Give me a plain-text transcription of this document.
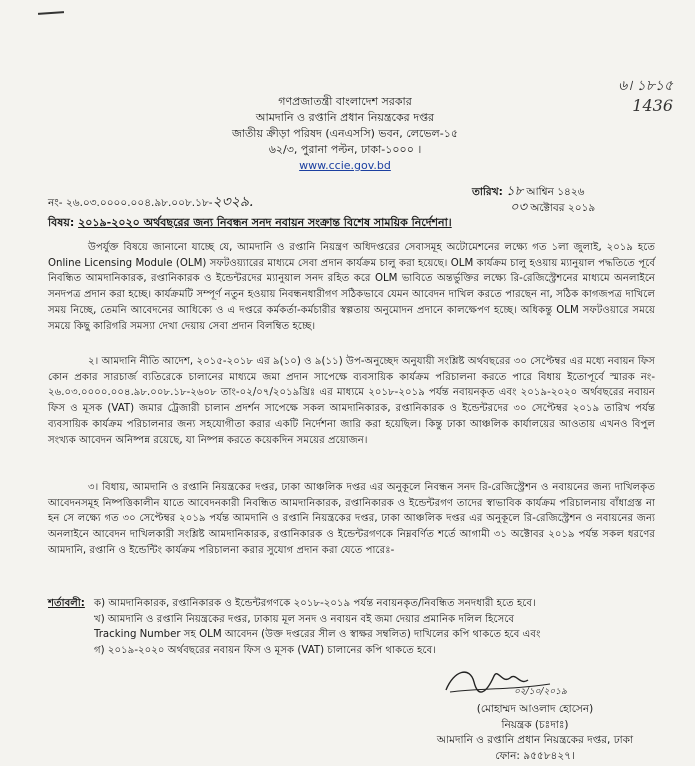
গণপ্রজাতন্ত্রী বাংলাদেশ সরকার
আমদানি ও রপ্তানি প্রধান নিয়ন্ত্রকের দপ্তর
জাতীয় ক্রীড়া পরিষদ (এনএসসি) ভবন, লেভেল-১৫
৬২/৩, পুরানা পল্টন, ঢাকা-১০০০ ।
www.ccie.gov.bd
৬। ১৮১৫
1436
নং- ২৬.০৩.০০০০.০০৪.৯৮.০০৮.১৮-২৩২৯.
তারিখ: ১৮ আশ্বিন ১৪২৬
০৩ অক্টোবর ২০১৯
বিষয়: ২০১৯-২০২০ অর্থবছরের জন্য নিবন্ধন সনদ নবায়ন সংক্রান্ত বিশেষ সাময়িক নির্দেশনা।
উপর্যুক্ত বিষয়ে জানানো যাচ্ছে যে, আমদানি ও রপ্তানি নিয়ন্ত্রণ অধিদপ্তরের সেবাসমূহ অটোমেশনের লক্ষ্যে গত ১লা জুলাই, ২০১৯ হতে Online Licensing Module (OLM) সফটওয়্যারের মাধ্যমে সেবা প্রদান কার্যক্রম চালু করা হয়েছে। OLM কার্যক্রম চালু হওয়ায় ম্যানুয়াল পদ্ধতিতে পূর্বে নিবন্ধিত আমদানিকারক, রপ্তানিকারক ও ইন্ডেন্টরদের ম্যানুয়াল সনদ রহিত করে OLM ভাবিতে অন্তর্ভুক্তির লক্ষ্যে রি-রেজিস্ট্রেশনের মাধ্যমে অনলাইনে সনদপত্র প্রদান করা হচ্ছে। কার্যক্রমটি সম্পূর্ণ নতুন হওয়ায় নিবন্ধনধারীগণ সঠিকভাবে যেমন আবেদন দাখিল করতে পারছেন না, সঠিক কাগজপত্র দাখিলে সময় নিচ্ছে, তেমনি আবেদনের আধিক্যে ও এ দপ্তরে কর্মকর্তা-কর্মচারীর স্বল্পতায় অনুমোদন প্রদানে কালক্ষেপণ হচ্ছে। অধিকন্তু OLM সফটওয়ারে সময়ে সময়ে কিছু কারিগরি সমস্যা দেখা দেয়ায় সেবা প্রদান বিলম্বিত হচ্ছে।
২। আমদানি নীতি আদেশ, ২০১৫-২০১৮ এর ৯(১০) ও ৯(১১) উপ-অনুচ্ছেদ অনুযায়ী সংশ্লিষ্ট অর্থবছরের ৩০ সেপ্টেম্বর এর মধ্যে নবায়ন ফিস কোন প্রকার সারচার্জ ব্যতিরেকে চালানের মাধ্যমে জমা প্রদান সাপেক্ষে ব্যবসায়িক কার্যক্রম পরিচালনা করতে পারে বিধায় ইতোপূর্বে স্মারক নং- ২৬.০৩.০০০০.০০৪.৯৮.০০৮.১৮-২৬০৮ তাং-০২/০৭/২০১৯খ্রিঃ এর মাধ্যমে ২০১৮-২০১৯ পর্যন্ত নবায়নকৃত এবং ২০১৯-২০২০ অর্থবছরের নবায়ন ফিস ও মূসক (VAT) জমার ট্রেজারী চালান প্রদর্শন সাপেক্ষে সকল আমদানিকারক, রপ্তানিকারক ও ইন্ডেন্টরদের ৩০ সেপ্টেম্বর ২০১৯ তারিখ পর্যন্ত ব্যবসায়িক কার্যক্রম পরিচালনার জন্য সহযোগীতা করার একটি নির্দেশনা জারি করা হয়েছিল। কিন্তু ঢাকা আঞ্চলিক কার্যালয়ের আওতায় এখনও বিপুল সংখ্যক আবেদন অনিষ্পন্ন রয়েছে, যা নিষ্পন্ন করতে কয়েকদিন সময়ের প্রয়োজন।
৩। বিধায়, আমদানি ও রপ্তানি নিয়ন্ত্রকের দপ্তর, ঢাকা আঞ্চলিক দপ্তর এর অনুকূলে নিবন্ধন সনদ রি-রেজিস্ট্রেশন ও নবায়নের জন্য দাখিলকৃত আবেদনসমূহ নিষ্পত্তিকালীন যাতে আবেদনকারী নিবন্ধিত আমদানিকারক, রপ্তানিকারক ও ইন্ডেন্টরগণ তাদের স্বাভাবিক কার্যক্রম পরিচালনায় বাঁধাগ্রস্ত না হন সে লক্ষ্যে গত ৩০ সেপ্টেম্বর ২০১৯ পর্যন্ত আমদানি ও রপ্তানি নিয়ন্ত্রকের দপ্তর, ঢাকা আঞ্চলিক দপ্তর এর অনুকূলে রি-রেজিস্ট্রেশন ও নবায়নের জন্য অনলাইনে আবেদন দাখিলকারী সংশ্লিষ্ট আমদানিকারক, রপ্তানিকারক ও ইন্ডেন্টরগণকে নিম্নবর্ণিত শর্তে আগামী ৩১ অক্টোবর ২০১৯ পর্যন্ত সকল ধরণের আমদানি, রপ্তানি ও ইন্ডেন্টিং কার্যক্রম পরিচালনা করার সুযোগ প্রদান করা যেতে পারেঃ-
শর্তাবলী: ক) আমদানিকারক, রপ্তানিকারক ও ইন্ডেন্টরগণকে ২০১৮-২০১৯ পর্যন্ত নবায়নকৃত/নিবন্ধিত সনদধারী হতে হবে।
খ) আমদানি ও রপ্তানি নিয়ন্ত্রকের দপ্তর, ঢাকায় মূল সনদ ও নবায়ন বই জমা দেয়ার প্রমানিক দলিল হিসেবে
Tracking Number সহ OLM আবেদন (উক্ত দপ্তরের সীল ও স্বাক্ষর সম্বলিত) দাখিলের কপি থাকতে হবে এবং
গ) ২০১৯-২০২০ অর্থবছরের নবায়ন ফিস ও মূসক (VAT) চালানের কপি থাকতে হবে।
০২/১০/২০১৯
(মোহাম্মদ আওলাদ হোসেন)
নিয়ন্ত্রক (চঃদাঃ)
আমদানি ও রপ্তানি প্রধান নিয়ন্ত্রকের দপ্তর, ঢাকা
ফোন: ৯৫৫৮৪২৭।
